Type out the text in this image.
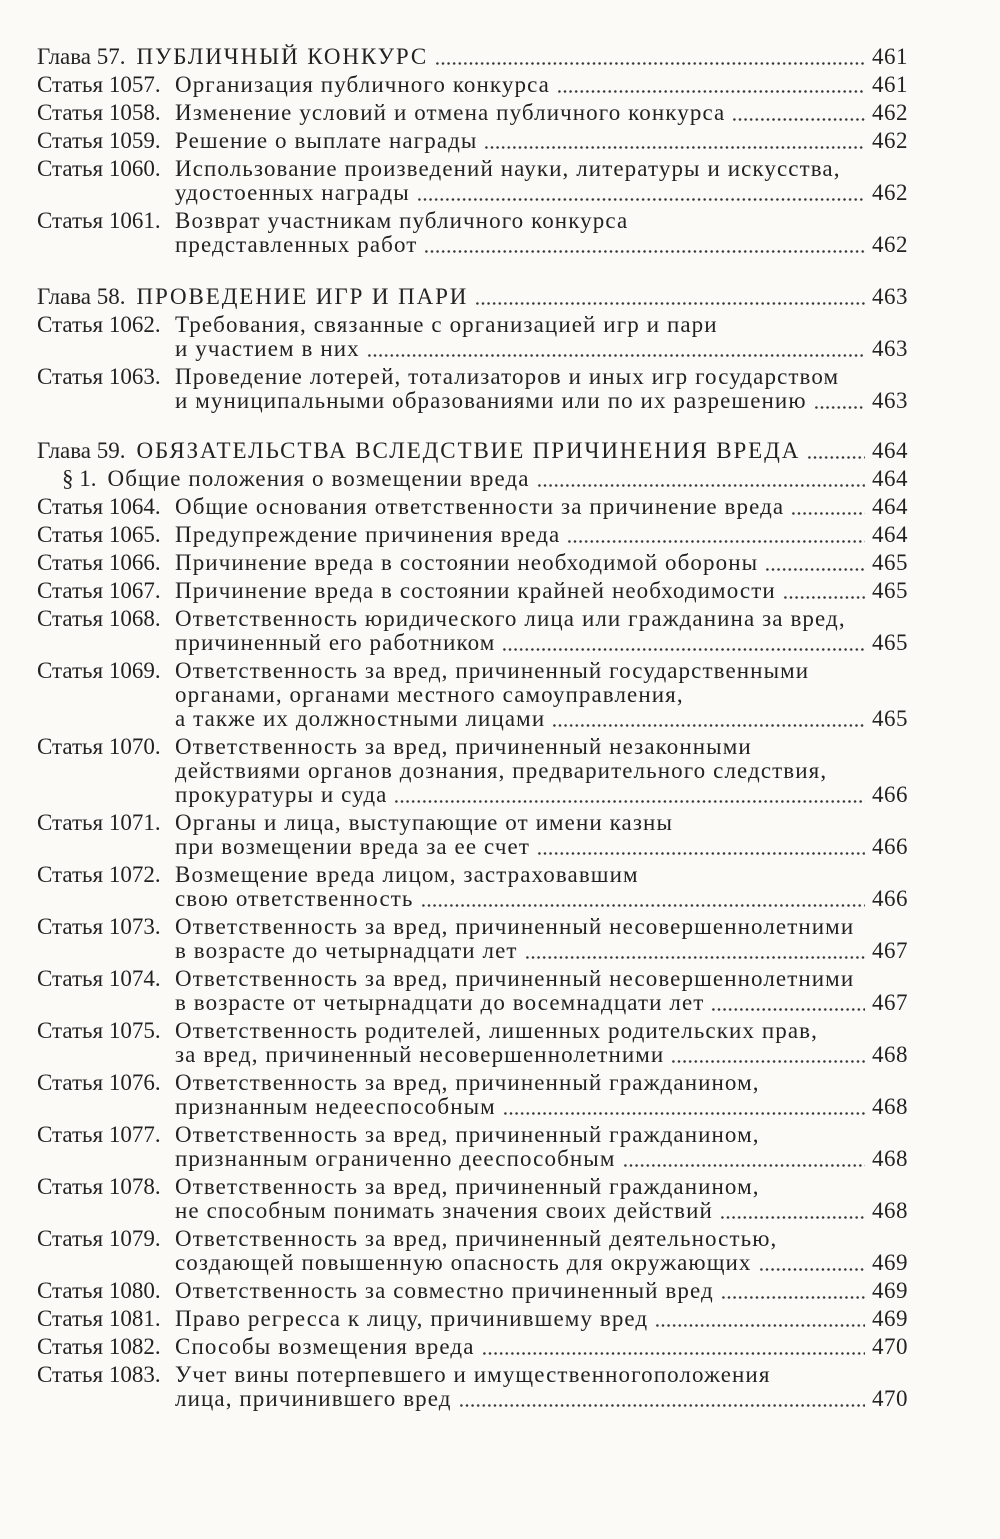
Глава 57. ПУБЛИЧНЫЙ КОНКУРС	461
Статья 1057. Организация публичного конкурса	461
Статья 1058. Изменение условий и отмена публичного конкурса	462
Статья 1059. Решение о выплате награды	462
Статья 1060. Использование произведений науки, литературы и искусства,
удостоенных награды	462
Статья 1061. Возврат участникам публичного конкурса
представленных работ	462
Глава 58. ПРОВЕДЕНИЕ ИГР И ПАРИ	463
Статья 1062. Требования, связанные с организацией игр и пари
и участием в них	463
Статья 1063. Проведение лотерей, тотализаторов и иных игр государством
и муниципальными образованиями или по их разрешению	463
Глава 59. ОБЯЗАТЕЛЬСТВА ВСЛЕДСТВИЕ ПРИЧИНЕНИЯ ВРЕДА	464
§ 1. Общие положения о возмещении вреда	464
Статья 1064. Общие основания ответственности за причинение вреда	464
Статья 1065. Предупреждение причинения вреда	464
Статья 1066. Причинение вреда в состоянии необходимой обороны	465
Статья 1067. Причинение вреда в состоянии крайней необходимости	465
Статья 1068. Ответственность юридического лица или гражданина за вред,
причиненный его работником	465
Статья 1069. Ответственность за вред, причиненный государственными
органами, органами местного самоуправления,
а также их должностными лицами	465
Статья 1070. Ответственность за вред, причиненный незаконными
действиями органов дознания, предварительного следствия,
прокуратуры и суда	466
Статья 1071. Органы и лица, выступающие от имени казны
при возмещении вреда за ее счет	466
Статья 1072. Возмещение вреда лицом, застраховавшим
свою ответственность	466
Статья 1073. Ответственность за вред, причиненный несовершеннолетними
в возрасте до четырнадцати лет	467
Статья 1074. Ответственность за вред, причиненный несовершеннолетними
в возрасте от четырнадцати до восемнадцати лет	467
Статья 1075. Ответственность родителей, лишенных родительских прав,
за вред, причиненный несовершеннолетними	468
Статья 1076. Ответственность за вред, причиненный гражданином,
признанным недееспособным	468
Статья 1077. Ответственность за вред, причиненный гражданином,
признанным ограниченно дееспособным	468
Статья 1078. Ответственность за вред, причиненный гражданином,
не способным понимать значения своих действий	468
Статья 1079. Ответственность за вред, причиненный деятельностью,
создающей повышенную опасность для окружающих	469
Статья 1080. Ответственность за совместно причиненный вред	469
Статья 1081. Право регресса к лицу, причинившему вред	469
Статья 1082. Способы возмещения вреда	470
Статья 1083. Учет вины потерпевшего и имущественногоположения
лица, причинившего вред	470
